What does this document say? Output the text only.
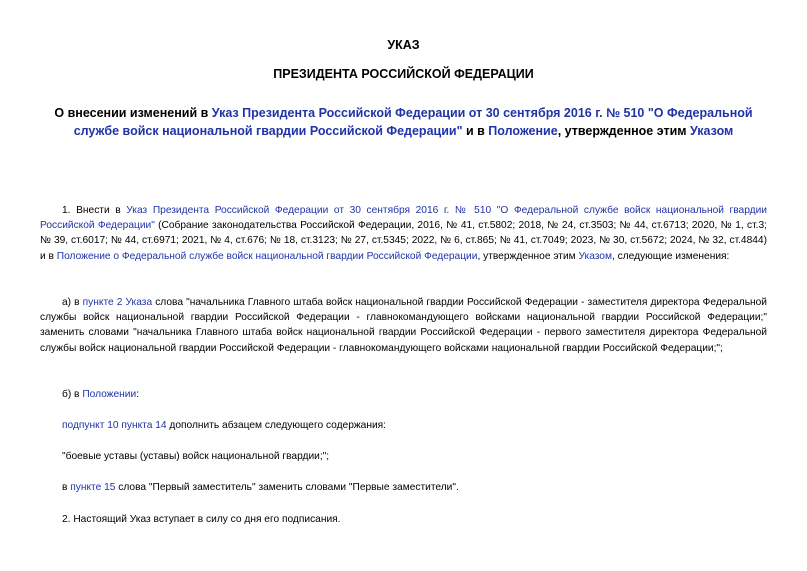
УКАЗ
ПРЕЗИДЕНТА РОССИЙСКОЙ ФЕДЕРАЦИИ
О внесении изменений в Указ Президента Российской Федерации от 30 сентября 2016 г. № 510 "О Федеральной службе войск национальной гвардии Российской Федерации" и в Положение, утвержденное этим Указом
1. Внести в Указ Президента Российской Федерации от 30 сентября 2016 г. № 510 "О Федеральной службе войск национальной гвардии Российской Федерации" (Собрание законодательства Российской Федерации, 2016, № 41, ст.5802; 2018, № 24, ст.3503; № 44, ст.6713; 2020, № 1, ст.3; № 39, ст.6017; № 44, ст.6971; 2021, № 4, ст.676; № 18, ст.3123; № 27, ст.5345; 2022, № 6, ст.865; № 41, ст.7049; 2023, № 30, ст.5672; 2024, № 32, ст.4844) и в Положение о Федеральной службе войск национальной гвардии Российской Федерации, утвержденное этим Указом, следующие изменения:
а) в пункте 2 Указа слова "начальника Главного штаба войск национальной гвардии Российской Федерации - заместителя директора Федеральной службы войск национальной гвардии Российской Федерации - главнокомандующего войсками национальной гвардии Российской Федерации;" заменить словами "начальника Главного штаба войск национальной гвардии Российской Федерации - первого заместителя директора Федеральной службы войск национальной гвардии Российской Федерации - главнокомандующего войсками национальной гвардии Российской Федерации;";
б) в Положении:
подпункт 10 пункта 14 дополнить абзацем следующего содержания:
"боевые уставы (уставы) войск национальной гвардии;";
в пункте 15 слова "Первый заместитель" заменить словами "Первые заместители".
2. Настоящий Указ вступает в силу со дня его подписания.
